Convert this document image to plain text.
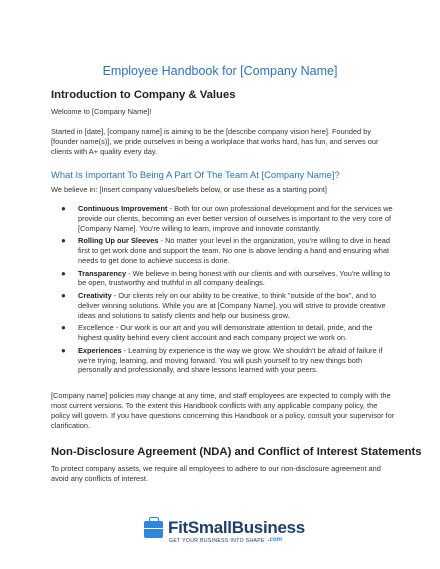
Employee Handbook for [Company Name]
Introduction to Company & Values
Welcome to [Company Name]!
Started in [date], [company name] is aiming to be the [describe company vision here]. Founded by [founder name(s)], we pride ourselves in being a workplace that works hard, has fun, and serves our clients with A+ quality every day.
What Is Important To Being A Part Of The Team At [Company Name]?
We believe in: [Insert company values/beliefs below, or use these as a starting point]
● Continuous Improvement - Both for our own professional development and for the services we provide our clients, becoming an ever better version of ourselves is important to the very core of [Company Name]. You're willing to learn, improve and innovate constantly.
● Rolling Up our Sleeves - No matter your level in the organization, you're willing to dive in head first to get work done and support the team. No one is above lending a hand and ensuring what needs to get done to achieve success is done.
● Transparency - We believe in being honest with our clients and with ourselves. You're willing to be open, trustworthy and truthful in all company dealings.
● Creativity - Our clients rely on our ability to be creative, to think "outside of the box", and to deliver winning solutions. While you are at [Company Name], you will strive to provide creative ideas and solutions to satisfy clients and help our business grow.
● Excellence - Our work is our art and you will demonstrate attention to detail, pride, and the highest quality behind every client account and each company project we work on.
● Experiences - Learning by experience is the way we grow. We shouldn't be afraid of failure if we're trying, learning, and moving forward. You will push yourself to try new things both personally and professionally, and share lessons learned with your peers.
[Company name] policies may change at any time, and staff employees are expected to comply with the most current versions. To the extent this Handbook conflicts with any applicable company policy, the policy will govern. If you have questions concerning this Handbook or a policy, consult your supervisor for clarification.
Non-Disclosure Agreement (NDA) and Conflict of Interest Statements
To protect company assets, we require all employees to adhere to our non-disclosure agreement and avoid any conflicts of interest.
FitSmallBusiness
GET YOUR BUSINESS INTO SHAPE .com
